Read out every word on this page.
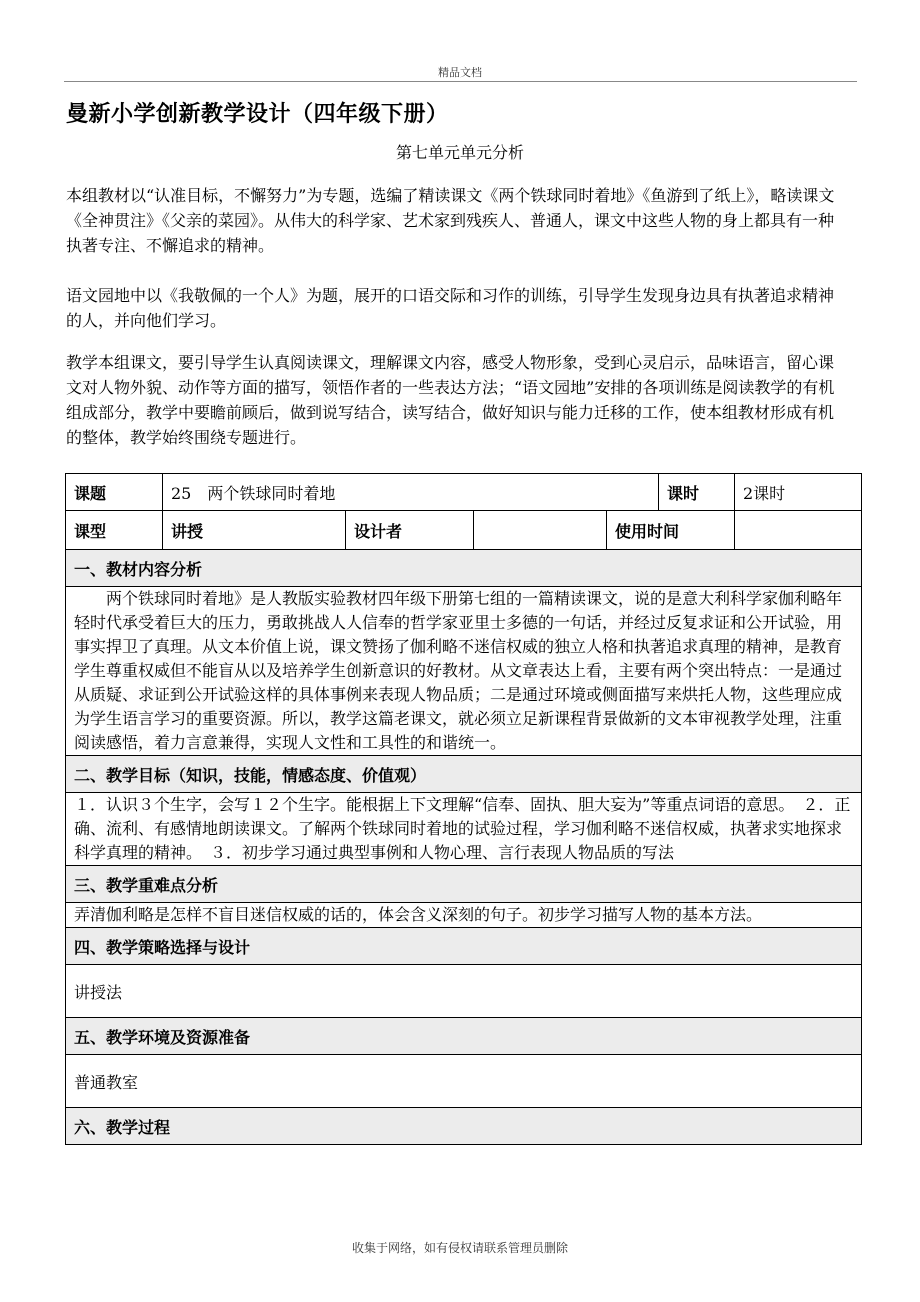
精品文档
曼新小学创新教学设计（四年级下册）
第七单元单元分析

本组教材以“认准目标，不懈努力”为专题，选编了精读课文《两个铁球同时着地》《鱼游到了纸上》，略读课文《全神贯注》《父亲的菜园》。从伟大的科学家、艺术家到残疾人、普通人，课文中这些人物的身上都具有一种执著专注、不懈追求的精神。

语文园地中以《我敬佩的一个人》为题，展开的口语交际和习作的训练，引导学生发现身边具有执著追求精神的人，并向他们学习。

教学本组课文，要引导学生认真阅读课文，理解课文内容，感受人物形象，受到心灵启示，品味语言，留心课文对人物外貌、动作等方面的描写，领悟作者的一些表达方法；“语文园地”安排的各项训练是阅读教学的有机组成部分，教学中要瞻前顾后，做到说写结合，读写结合，做好知识与能力迁移的工作，使本组教材形成有机的整体，教学始终围绕专题进行。

课题	25　两个铁球同时着地				课时	2课时
课型	讲授	设计者		使用时间		
一、教材内容分析						
两个铁球同时着地》是人教版实验教材四年级下册第七组的一篇精读课文，说的是意大利科学家伽利略年轻时代承受着巨大的压力，勇敢挑战人人信奉的哲学家亚里士多德的一句话，并经过反复求证和公开试验，用事实捍卫了真理。从文本价值上说，课文赞扬了伽利略不迷信权威的独立人格和执著追求真理的精神，是教育学生尊重权威但不能盲从以及培养学生创新意识的好教材。从文章表达上看，主要有两个突出特点：一是通过从质疑、求证到公开试验这样的具体事例来表现人物品质；二是通过环境或侧面描写来烘托人物，这些理应成为学生语言学习的重要资源。所以，教学这篇老课文，就必须立足新课程背景做新的文本审视教学处理，注重阅读感悟，着力言意兼得，实现人文性和工具性的和谐统一。						
二、教学目标（知识，技能，情感态度、价值观）						
１．认识３个生字，会写１２个生字。能根据上下文理解“信奉、固执、胆大妄为”等重点词语的意思。　２．正确、流利、有感情地朗读课文。了解两个铁球同时着地的试验过程，学习伽利略不迷信权威，执著求实地探求科学真理的精神。　３．初步学习通过典型事例和人物心理、言行表现人物品质的写法						
三、教学重难点分析						
弄清伽利略是怎样不盲目迷信权威的话的，体会含义深刻的句子。初步学习描写人物的基本方法。						
四、教学策略选择与设计						
讲授法						
五、教学环境及资源准备						
普通教室						
六、教学过程						
收集于网络，如有侵权请联系管理员删除
